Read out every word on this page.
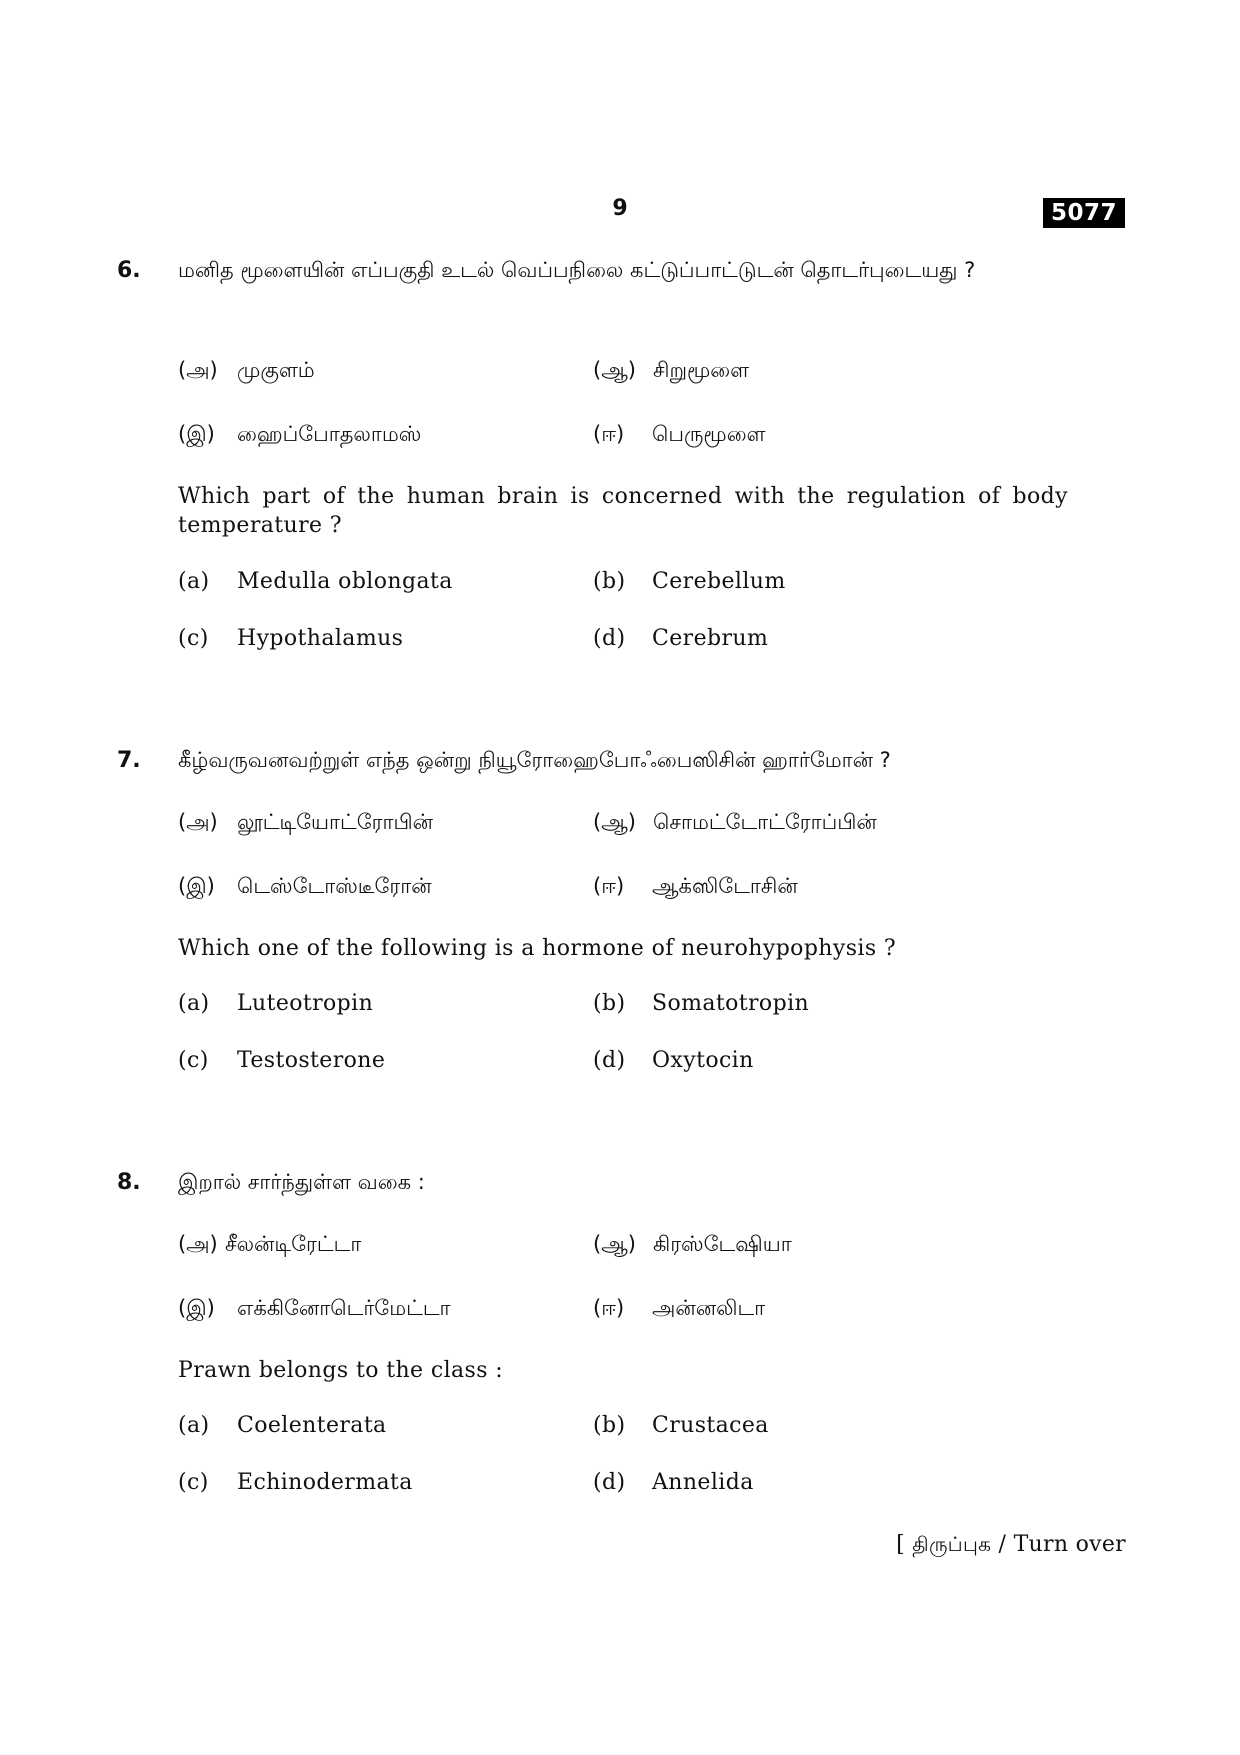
9	5077
6. மனித மூளையின் எப்பகுதி உடல் வெப்பநிலை கட்டுப்பாட்டுடன் தொடர்புடையது ?
(அ) முகுளம்	(ஆ) சிறுமூளை
(இ) ஹைப்போதலாமஸ்	(ஈ) பெருமூளை
Which part of the human brain is concerned with the regulation of body temperature ?
(a) Medulla oblongata	(b) Cerebellum
(c) Hypothalamus	(d) Cerebrum
7. கீழ்வருவனவற்றுள் எந்த ஒன்று நியூரோஹைபோஃபைஸிசின் ஹார்மோன் ?
(அ) லூட்டியோட்ரோபின்	(ஆ) சொமட்டோட்ரோப்பின்
(இ) டெஸ்டோஸ்டீரோன்	(ஈ) ஆக்ஸிடோசின்
Which one of the following is a hormone of neurohypophysis ?
(a) Luteotropin	(b) Somatotropin
(c) Testosterone	(d) Oxytocin
8. இறால் சார்ந்துள்ள வகை :
(அ) சீலன்டிரேட்டா	(ஆ) கிரஸ்டேஷியா
(இ) எக்கினோடெர்மேட்டா	(ஈ) அன்னலிடா
Prawn belongs to the class :
(a) Coelenterata	(b) Crustacea
(c) Echinodermata	(d) Annelida
[ திருப்புக / Turn over
